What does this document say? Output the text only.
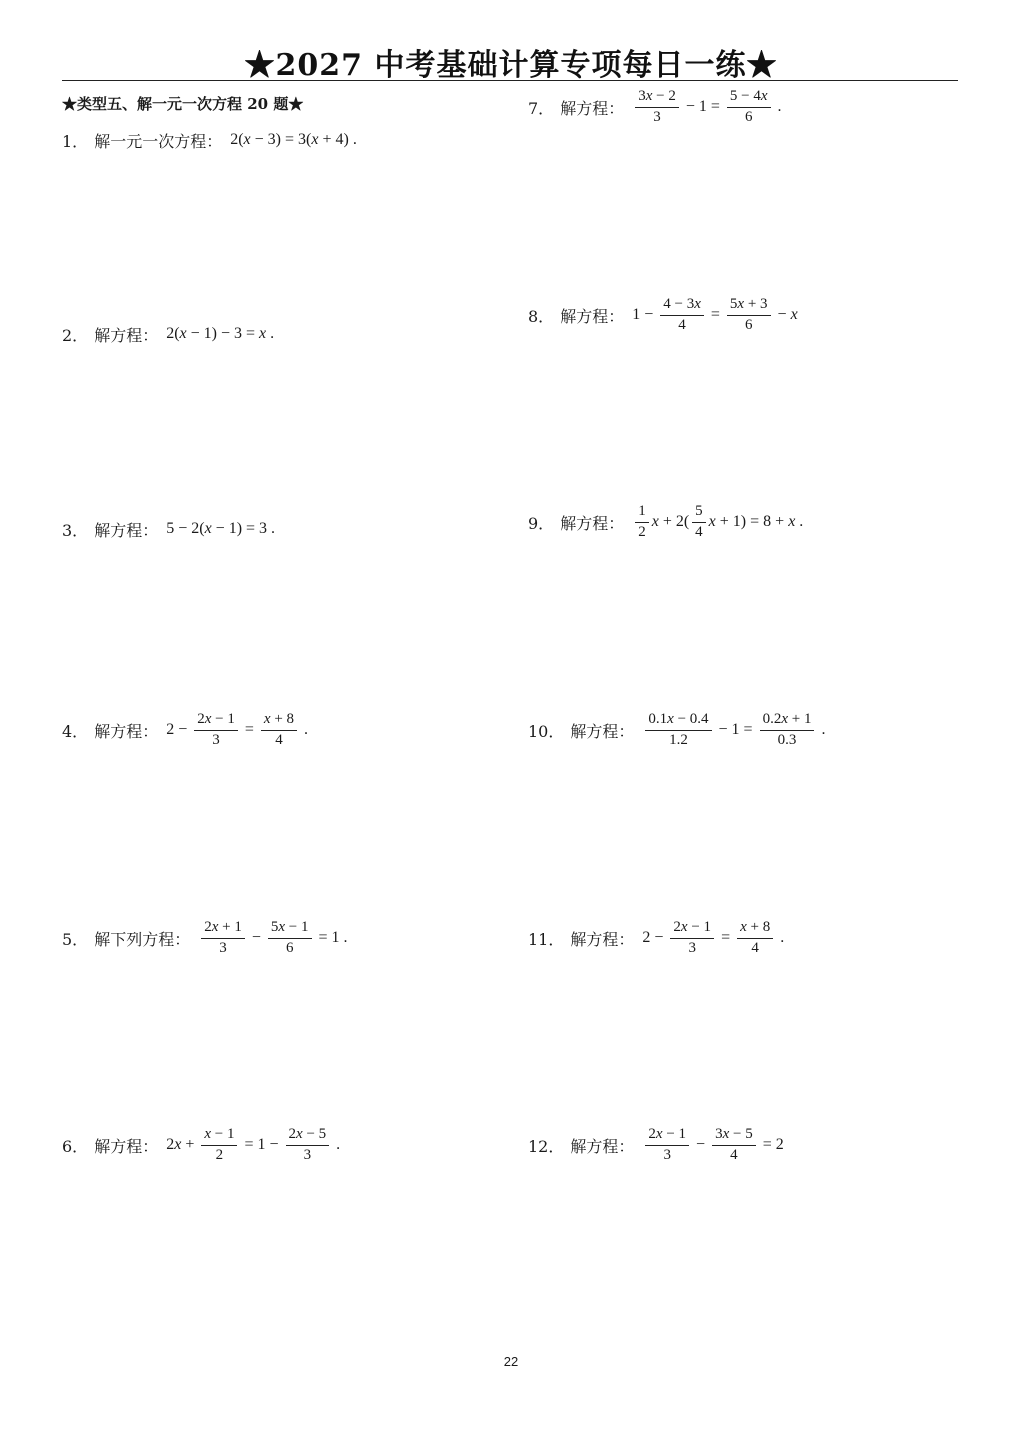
★2027 中考基础计算专项每日一练★
★类型五、解一元一次方程 20 题★
1． 解一元一次方程： 2( x − 3) = 3( x + 4) .
2． 解方程： 2( x − 1) − 3 = x .
3． 解方程： 5 − 2( x − 1) = 3 .
4． 解方程： $2 - \frac{2x - 1}{3} = \frac{x + 8}{4}$ .
5． 解下列方程： $\frac{2x + 1}{3} - \frac{5x - 1}{6} = 1$ .
6． 解方程： 2 $x + \frac{x - 1}{2} = 1 - \frac{2x - 5}{3}$ .
7． 解方程： $\frac{3x - 2}{3} - 1 = \frac{5 - 4x}{6}$ .
8． 解方程： $1 - \frac{4 - 3x}{4} = \frac{5x + 3}{6} - x$
9． 解方程： $\frac{1}{2}$ $x + 2( \frac{5}{4}$ x + 1) = 8 + x .
10． 解方程： $\frac{0.1x - 0.4}{1.2} - 1 = \frac{0.2x + 1}{0.3}$ .
11． 解方程： $2 - \frac{2x - 1}{3} = \frac{x + 8}{4}$ .
12． 解方程： $\frac{2x - 1}{3} - \frac{3x - 5}{4} = 2$
22
